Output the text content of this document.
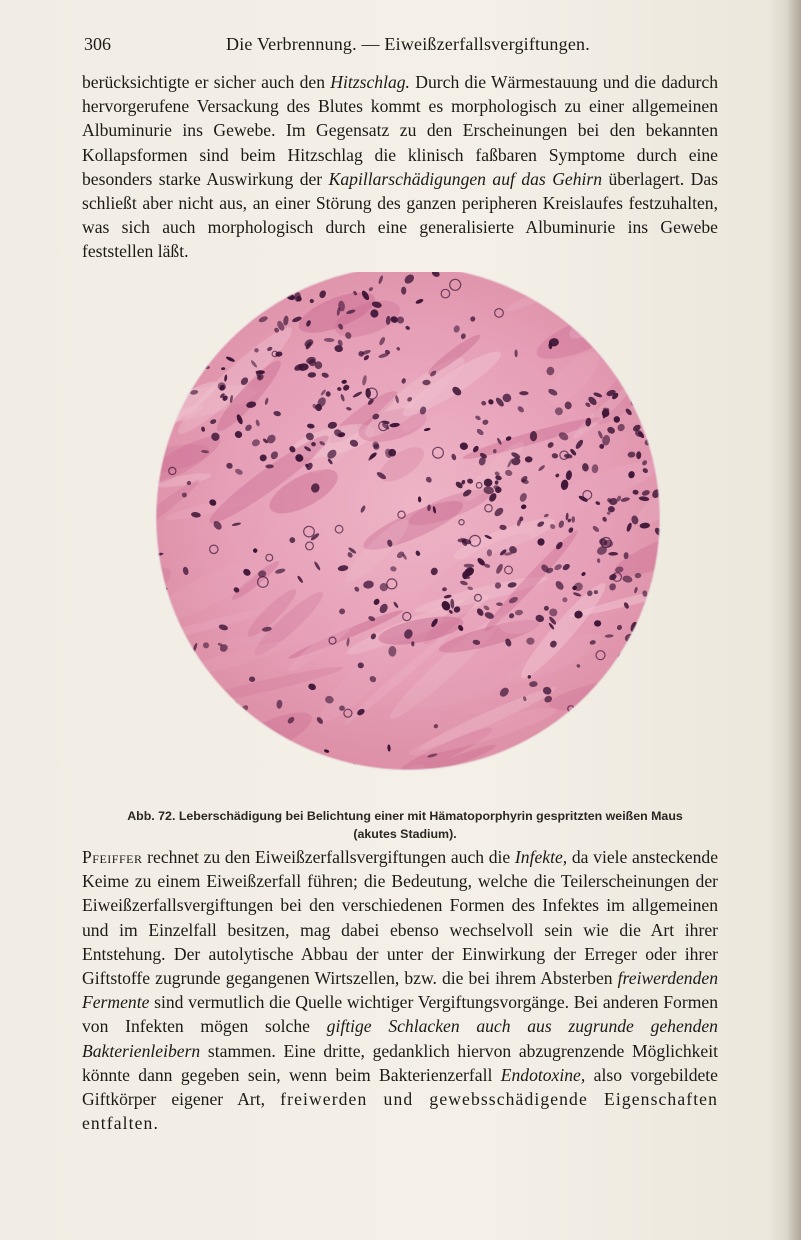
306	Die Verbrennung. — Eiweißzerfallsvergiftungen.

berücksichtigte er sicher auch den Hitzschlag. Durch die Wärmestauung und die dadurch hervorgerufene Versackung des Blutes kommt es morphologisch zu einer allgemeinen Albuminurie ins Gewebe. Im Gegensatz zu den Erscheinungen bei den bekannten Kollapsformen sind beim Hitzschlag die klinisch faßbaren Symptome durch eine besonders starke Auswirkung der Kapillarschädigungen auf das Gehirn überlagert. Das schließt aber nicht aus, an einer Störung des ganzen peripheren Kreislaufes festzuhalten, was sich auch morphologisch durch eine generalisierte Albuminurie ins Gewebe feststellen läßt.

Abb. 72. Leberschädigung bei Belichtung einer mit Hämatoporphyrin gespritzten weißen Maus
(akutes Stadium).

Pfeiffer rechnet zu den Eiweißzerfallsvergiftungen auch die Infekte, da viele ansteckende Keime zu einem Eiweißzerfall führen; die Bedeutung, welche die Teilerscheinungen der Eiweißzerfallsvergiftungen bei den verschiedenen Formen des Infektes im allgemeinen und im Einzelfall besitzen, mag dabei ebenso wechselvoll sein wie die Art ihrer Entstehung. Der autolytische Abbau der unter der Einwirkung der Erreger oder ihrer Giftstoffe zugrunde gegangenen Wirtszellen, bzw. die bei ihrem Absterben freiwerdenden Fermente sind vermutlich die Quelle wichtiger Vergiftungsvorgänge. Bei anderen Formen von Infekten mögen solche giftige Schlacken auch aus zugrunde gehenden Bakterienleibern stammen. Eine dritte, gedanklich hiervon abzugrenzende Möglichkeit könnte dann gegeben sein, wenn beim Bakterienzerfall Endotoxine, also vorgebildete Giftkörper eigener Art, freiwerden und gewebsschädigende Eigenschaften entfalten.
